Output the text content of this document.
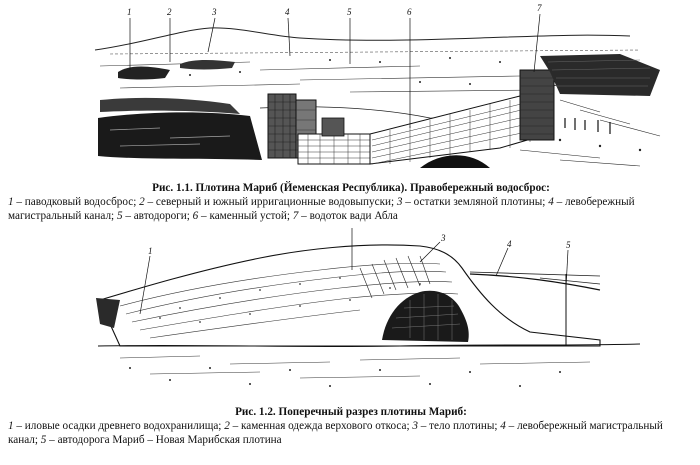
1	2	3	4	5	6	7
Рис. 1.1. Плотина Мариб (Йеменская Республика). Правобережный водосброс:
1 – паводковый водосброс; 2 – северный и южный ирригационные водовыпуски; 3 – остатки земляной плотины; 4 – левобережный магистральный канал; 5 – автодороги; 6 – каменный устой; 7 – водоток вади Абла
1
3
4	5
Рис. 1.2. Поперечный разрез плотины Мариб:
1 – иловые осадки древнего водохранилища; 2 – каменная одежда верхового откоса; 3 – тело плотины; 4 – левобережный магистральный канал; 5 – автодорога Мариб – Новая Марибская плотина
